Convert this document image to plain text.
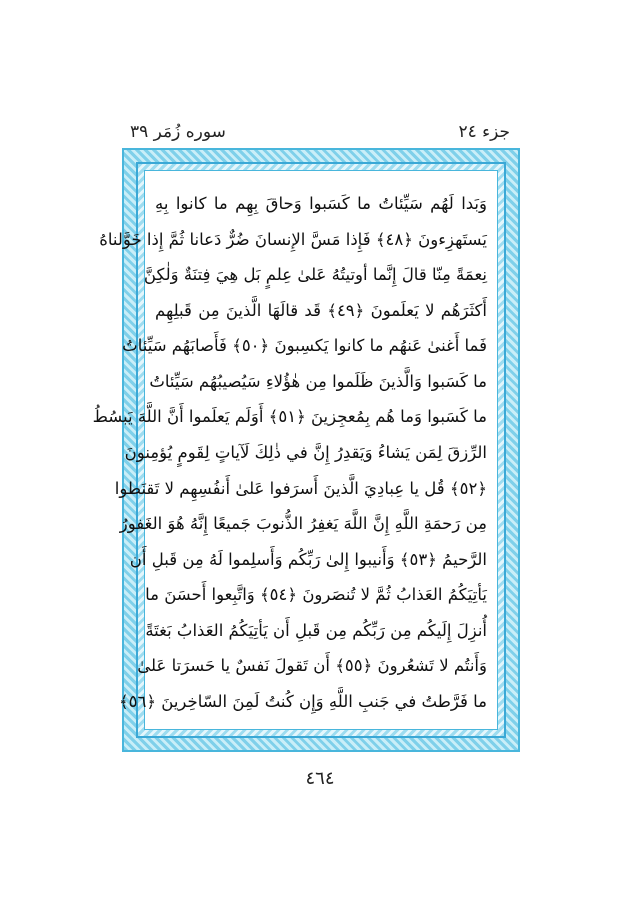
جزء ٢٤
سوره زُمَر ٣٩
وَبَدا لَهُم سَيِّئاتُ ما كَسَبوا وَحاقَ بِهِم ما كانوا بِهِ
يَستَهزِءونَ ﴿٤٨﴾ فَإِذا مَسَّ الإِنسانَ ضُرٌّ دَعانا ثُمَّ إِذا خَوَّلناهُ
نِعمَةً مِنّا قالَ إِنَّما أوتيتُهُ عَلىٰ عِلمٍ بَل هِيَ فِتنَةٌ وَلٰكِنَّ
أَكثَرَهُم لا يَعلَمونَ ﴿٤٩﴾ قَد قالَهَا الَّذينَ مِن قَبلِهِم
فَما أَغنىٰ عَنهُم ما كانوا يَكسِبونَ ﴿٥٠﴾ فَأَصابَهُم سَيِّئاتُ
ما كَسَبوا وَالَّذينَ ظَلَموا مِن هٰؤُلاءِ سَيُصيبُهُم سَيِّئاتُ
ما كَسَبوا وَما هُم بِمُعجِزينَ ﴿٥١﴾ أَوَلَم يَعلَموا أَنَّ اللَّهَ يَبسُطُ
الرِّزقَ لِمَن يَشاءُ وَيَقدِرُ إِنَّ في ذٰلِكَ لَآياتٍ لِقَومٍ يُؤمِنونَ
﴿٥٢﴾ قُل يا عِبادِيَ الَّذينَ أَسرَفوا عَلىٰ أَنفُسِهِم لا تَقنَطوا
مِن رَحمَةِ اللَّهِ إِنَّ اللَّهَ يَغفِرُ الذُّنوبَ جَميعًا إِنَّهُ هُوَ الغَفورُ
الرَّحيمُ ﴿٥٣﴾ وَأَنيبوا إِلىٰ رَبِّكُم وَأَسلِموا لَهُ مِن قَبلِ أَن
يَأتِيَكُمُ العَذابُ ثُمَّ لا تُنصَرونَ ﴿٥٤﴾ وَاتَّبِعوا أَحسَنَ ما
أُنزِلَ إِلَيكُم مِن رَبِّكُم مِن قَبلِ أَن يَأتِيَكُمُ العَذابُ بَغتَةً
وَأَنتُم لا تَشعُرونَ ﴿٥٥﴾ أَن تَقولَ نَفسٌ يا حَسرَتا عَلىٰ
ما فَرَّطتُ في جَنبِ اللَّهِ وَإِن كُنتُ لَمِنَ السّاخِرينَ ﴿٥٦﴾
٤٦٤
